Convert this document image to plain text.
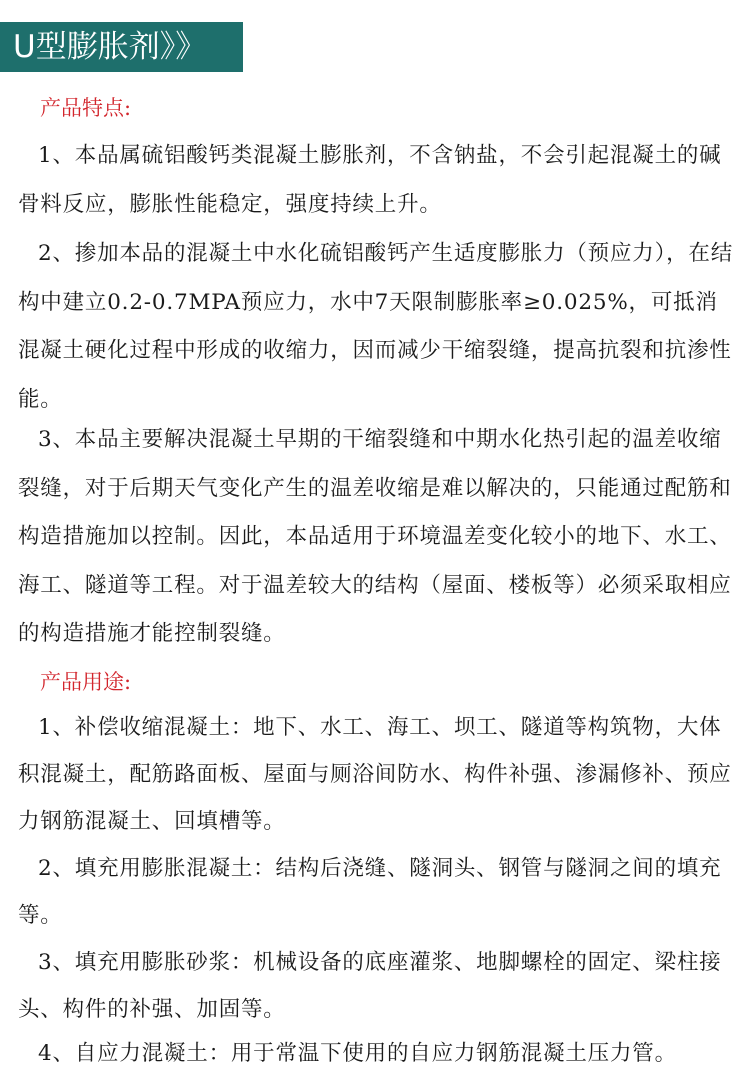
U型膨胀剂》》
产品特点:

1、本品属硫铝酸钙类混凝土膨胀剂，不含钠盐，不会引起混凝土的碱骨料反应，膨胀性能稳定，强度持续上升。

2、掺加本品的混凝土中水化硫铝酸钙产生适度膨胀力（预应力），在结构中建立0.2-0.7MPA预应力，水中7天限制膨胀率≥0.025%，可抵消混凝土硬化过程中形成的收缩力，因而减少干缩裂缝，提高抗裂和抗渗性能。

3、本品主要解决混凝土早期的干缩裂缝和中期水化热引起的温差收缩裂缝，对于后期天气变化产生的温差收缩是难以解决的，只能通过配筋和构造措施加以控制。因此，本品适用于环境温差变化较小的地下、水工、海工、隧道等工程。对于温差较大的结构（屋面、楼板等）必须采取相应的构造措施才能控制裂缝。

产品用途:

1、补偿收缩混凝土：地下、水工、海工、坝工、隧道等构筑物，大体积混凝土，配筋路面板、屋面与厕浴间防水、构件补强、渗漏修补、预应力钢筋混凝土、回填槽等。

2、填充用膨胀混凝土：结构后浇缝、隧洞头、钢管与隧洞之间的填充等。

3、填充用膨胀砂浆：机械设备的底座灌浆、地脚螺栓的固定、梁柱接头、构件的补强、加固等。

4、自应力混凝土：用于常温下使用的自应力钢筋混凝土压力管。
